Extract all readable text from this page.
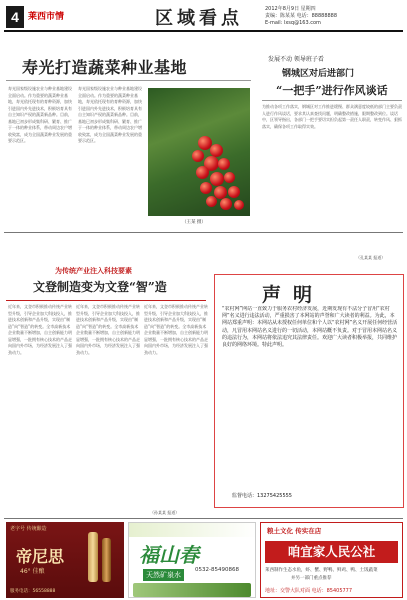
4	莱西市情	区域看点	2012年8月9日 星期四
责编：陈某某 电话：88888888
E-mail: lxsq@163.com
寿光打造蔬菜种业基地
寿光国家级设施农业与种业基地建设全面启动。作为重要的蔬菜种业基地，寿光依托现有的育种资源，加快引进国内外先进技术，积极培育具有自主知识产权的蔬菜新品种。目前，基地已初步形成集科研、繁育、推广于一体的种业体系，带动周边农户增收致富，成为全国蔬菜种业发展的重要示范区。
寿光国家级设施农业与种业基地建设全面启动。作为重要的蔬菜种业基地，寿光依托现有的育种资源，加快引进国内外先进技术，积极培育具有自主知识产权的蔬菜新品种。目前，基地已初步形成集科研、繁育、推广于一体的种业体系，带动周边农户增收致富，成为全国蔬菜种业发展的重要示范区。
（王某 摄）
发展不动 领导班子看
钢城区对后进部门
“一把手”进行作风谈话
为推动各项工作落实，钢城区对工作推进缓慢、群众满意度较低的部门主要负责人进行作风谈话，要求其认真查找问题，明确整改措施，限期整改到位。谈话中，区领导指出，各部门一把手要切实担负起第一责任人职责，转变作风、狠抓落实，确保各项工作取得实效。
（孔某某 报道）
为传统产业注入科技要素
文登制造变为文登“智”造
近年来，文登市积极推动传统产业转型升级，引导企业加大科技投入，推进技术创新和产品升级，实现由“制造”向“智造”的转变。全市高新技术企业数量不断增加，自主创新能力明显增强，一批拥有核心技术的产品走向国内外市场，为经济发展注入了强劲动力。
近年来，文登市积极推动传统产业转型升级，引导企业加大科技投入，推进技术创新和产品升级，实现由“制造”向“智造”的转变。全市高新技术企业数量不断增加，自主创新能力明显增强，一批拥有核心技术的产品走向国内外市场，为经济发展注入了强劲动力。
近年来，文登市积极推动传统产业转型升级，引导企业加大科技投入，推进技术创新和产品升级，实现由“制造”向“智造”的转变。全市高新技术企业数量不断增加，自主创新能力明显增强，一批拥有核心技术的产品走向国内外市场，为经济发展注入了强劲动力。
（孙某某 报道）
声明
“农村网”网站一直致力于服务农村经济发展，近期发现有不法分子冒用“农村网”名义进行违法活动，严重损害了本网站的声誉和广大读者的利益。为此，本网站郑重声明：本网站从未授权任何单位和个人以“农村网”名义开展任何经营活动，凡冒用本网站名义进行的一切活动，本网站概不负责。对于冒用本网站名义的违法行为，本网站将依法追究其法律责任。欢迎广大读者积极举报，共同维护良好的网络环境。特此声明。
监督电话：13275425555
老字号 传统酿造
帝尼思
46° 佳酿
服务电话：56558888
福山春
天然矿泉水
0532-85490868
粮土文化 传实在店
咱宜家人民公社
莱西制作生态水鱼，虾、蟹、野鸭、鲜鸡、鸭、土饭蔬菜
并另一部门重点推荐
地址：交警大队对面 电话：85405777
